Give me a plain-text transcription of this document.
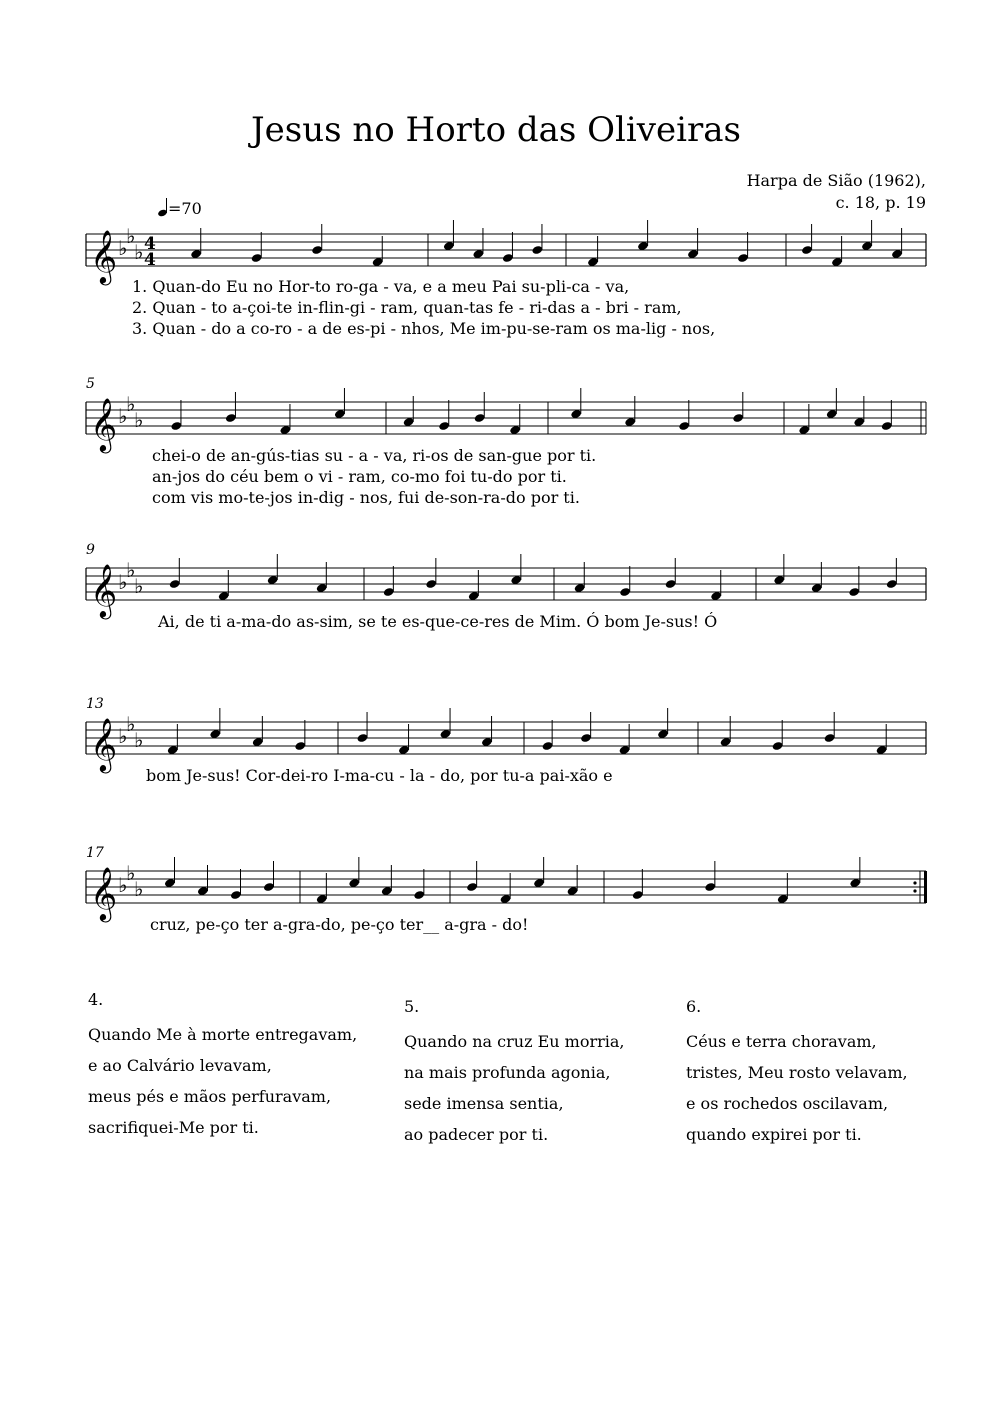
Jesus no Horto das Oliveiras
Harpa de Sião (1962),
c. 18, p. 19
=70
𝄞 ♭
♭
♭ 4
4
1. Quan-do Eu no Hor-to ro-ga - va, e a meu Pai su-pli-ca - va,
2. Quan - to a-çoi-te in-flin-gi - ram, quan-tas fe - ri-das a - bri - ram,
3. Quan - do a co-ro - a de es-pi - nhos, Me im-pu-se-ram os ma-lig - nos,
𝄞 ♭
♭
♭
5
chei-o de an-gús-tias su - a - va, ri-os de san-gue por ti.
an-jos do céu bem o vi - ram, co-mo foi tu-do por ti.
com vis mo-te-jos in-dig - nos, fui de-son-ra-do por ti.
𝄞 ♭
♭
♭
9
Ai, de ti a-ma-do as-sim, se te es-que-ce-res de Mim. Ó bom Je-sus! Ó
𝄞 ♭
♭
♭
13
bom Je-sus! Cor-dei-ro I-ma-cu - la - do, por tu-a pai-xão e
𝄞 ♭
♭
♭
17
cruz, pe-ço ter a-gra-do, pe-ço ter__ a-gra - do!
4.
Quando Me à morte entregavam,
e ao Calvário levavam,
meus pés e mãos perfuravam,
sacrifiquei-Me por ti.
5.
Quando na cruz Eu morria,
na mais profunda agonia,
sede imensa sentia,
ao padecer por ti.
6.
Céus e terra choravam,
tristes, Meu rosto velavam,
e os rochedos oscilavam,
quando expirei por ti.
